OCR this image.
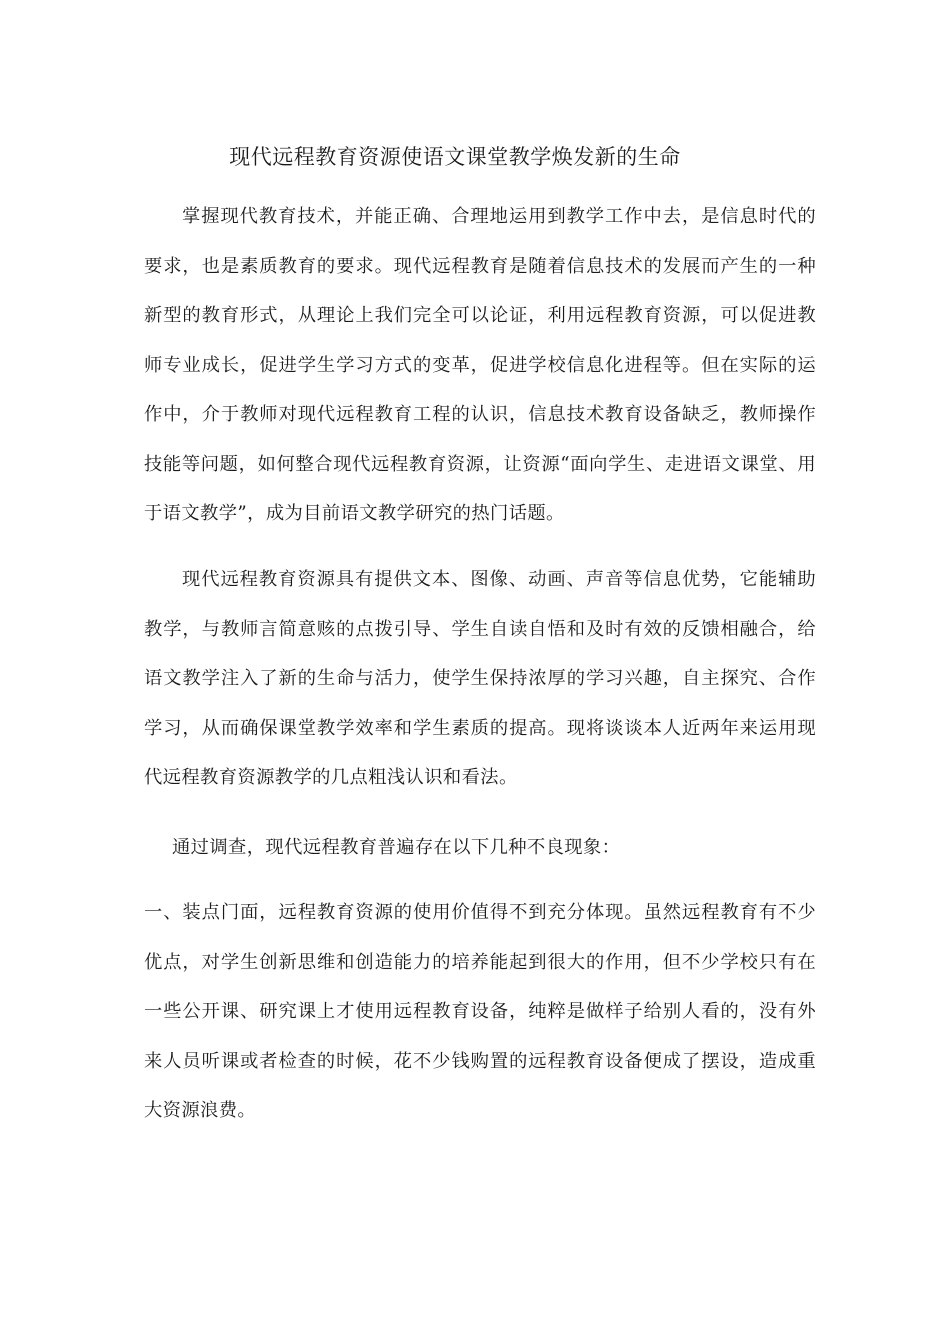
现代远程教育资源使语文课堂教学焕发新的生命

掌握现代教育技术，并能正确、合理地运用到教学工作中去，是信息时代的要求，也是素质教育的要求。现代远程教育是随着信息技术的发展而产生的一种新型的教育形式，从理论上我们完全可以论证，利用远程教育资源，可以促进教师专业成长，促进学生学习方式的变革，促进学校信息化进程等。但在实际的运作中，介于教师对现代远程教育工程的认识，信息技术教育设备缺乏，教师操作技能等问题，如何整合现代远程教育资源，让资源“面向学生、走进语文课堂、用于语文教学”，成为目前语文教学研究的热门话题。

现代远程教育资源具有提供文本、图像、动画、声音等信息优势，它能辅助教学，与教师言简意赅的点拨引导、学生自读自悟和及时有效的反馈相融合，给语文教学注入了新的生命与活力，使学生保持浓厚的学习兴趣，自主探究、合作学习，从而确保课堂教学效率和学生素质的提高。现将谈谈本人近两年来运用现代远程教育资源教学的几点粗浅认识和看法。

通过调查，现代远程教育普遍存在以下几种不良现象：

一、装点门面，远程教育资源的使用价值得不到充分体现。虽然远程教育有不少优点，对学生创新思维和创造能力的培养能起到很大的作用，但不少学校只有在一些公开课、研究课上才使用远程教育设备，纯粹是做样子给别人看的，没有外来人员听课或者检查的时候，花不少钱购置的远程教育设备便成了摆设，造成重大资源浪费。
